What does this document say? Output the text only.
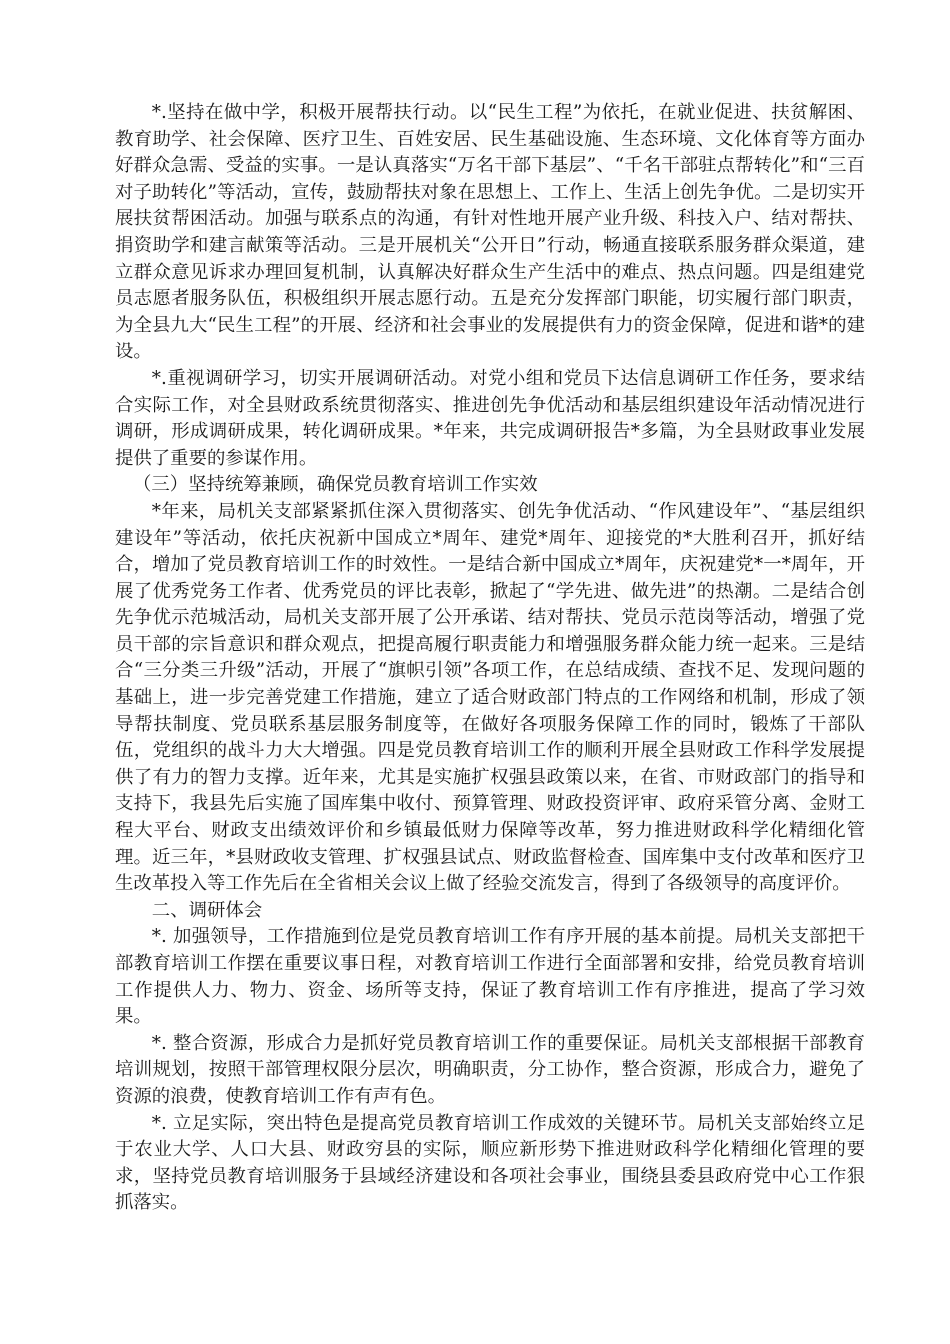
*.坚持在做中学，积极开展帮扶行动。以“民生工程”为依托，在就业促进、扶贫解困、教育助学、社会保障、医疗卫生、百姓安居、民生基础设施、生态环境、文化体育等方面办好群众急需、受益的实事。一是认真落实“万名干部下基层”、“千名干部驻点帮转化”和“三百对子助转化”等活动，宣传，鼓励帮扶对象在思想上、工作上、生活上创先争优。二是切实开展扶贫帮困活动。加强与联系点的沟通，有针对性地开展产业升级、科技入户、结对帮扶、捐资助学和建言献策等活动。三是开展机关“公开日”行动，畅通直接联系服务群众渠道，建立群众意见诉求办理回复机制，认真解决好群众生产生活中的难点、热点问题。四是组建党员志愿者服务队伍，积极组织开展志愿行动。五是充分发挥部门职能，切实履行部门职责，为全县九大“民生工程”的开展、经济和社会事业的发展提供有力的资金保障，促进和谐*的建设。

*.重视调研学习，切实开展调研活动。对党小组和党员下达信息调研工作任务，要求结合实际工作，对全县财政系统贯彻落实、推进创先争优活动和基层组织建设年活动情况进行调研，形成调研成果，转化调研成果。*年来，共完成调研报告*多篇，为全县财政事业发展提供了重要的参谋作用。

（三）坚持统筹兼顾，确保党员教育培训工作实效

*年来，局机关支部紧紧抓住深入贯彻落实、创先争优活动、“作风建设年”、“基层组织建设年”等活动，依托庆祝新中国成立*周年、建党*周年、迎接党的*大胜利召开，抓好结合，增加了党员教育培训工作的时效性。一是结合新中国成立*周年，庆祝建党*一*周年，开展了优秀党务工作者、优秀党员的评比表彰，掀起了“学先进、做先进”的热潮。二是结合创先争优示范城活动，局机关支部开展了公开承诺、结对帮扶、党员示范岗等活动，增强了党员干部的宗旨意识和群众观点，把提高履行职责能力和增强服务群众能力统一起来。三是结合“三分类三升级”活动，开展了“旗帜引领”各项工作，在总结成绩、查找不足、发现问题的基础上，进一步完善党建工作措施，建立了适合财政部门特点的工作网络和机制，形成了领导帮扶制度、党员联系基层服务制度等，在做好各项服务保障工作的同时，锻炼了干部队伍，党组织的战斗力大大增强。四是党员教育培训工作的顺利开展全县财政工作科学发展提供了有力的智力支撑。近年来，尤其是实施扩权强县政策以来，在省、市财政部门的指导和支持下，我县先后实施了国库集中收付、预算管理、财政投资评审、政府采管分离、金财工程大平台、财政支出绩效评价和乡镇最低财力保障等改革，努力推进财政科学化精细化管理。近三年，*县财政收支管理、扩权强县试点、财政监督检查、国库集中支付改革和医疗卫生改革投入等工作先后在全省相关会议上做了经验交流发言，得到了各级领导的高度评价。

二、调研体会

*. 加强领导，工作措施到位是党员教育培训工作有序开展的基本前提。局机关支部把干部教育培训工作摆在重要议事日程，对教育培训工作进行全面部署和安排，给党员教育培训工作提供人力、物力、资金、场所等支持，保证了教育培训工作有序推进，提高了学习效果。

*. 整合资源，形成合力是抓好党员教育培训工作的重要保证。局机关支部根据干部教育培训规划，按照干部管理权限分层次，明确职责，分工协作，整合资源，形成合力，避免了资源的浪费，使教育培训工作有声有色。

*. 立足实际，突出特色是提高党员教育培训工作成效的关键环节。局机关支部始终立足于农业大学、人口大县、财政穷县的实际，顺应新形势下推进财政科学化精细化管理的要求，坚持党员教育培训服务于县域经济建设和各项社会事业，围绕县委县政府党中心工作狠抓落实。
